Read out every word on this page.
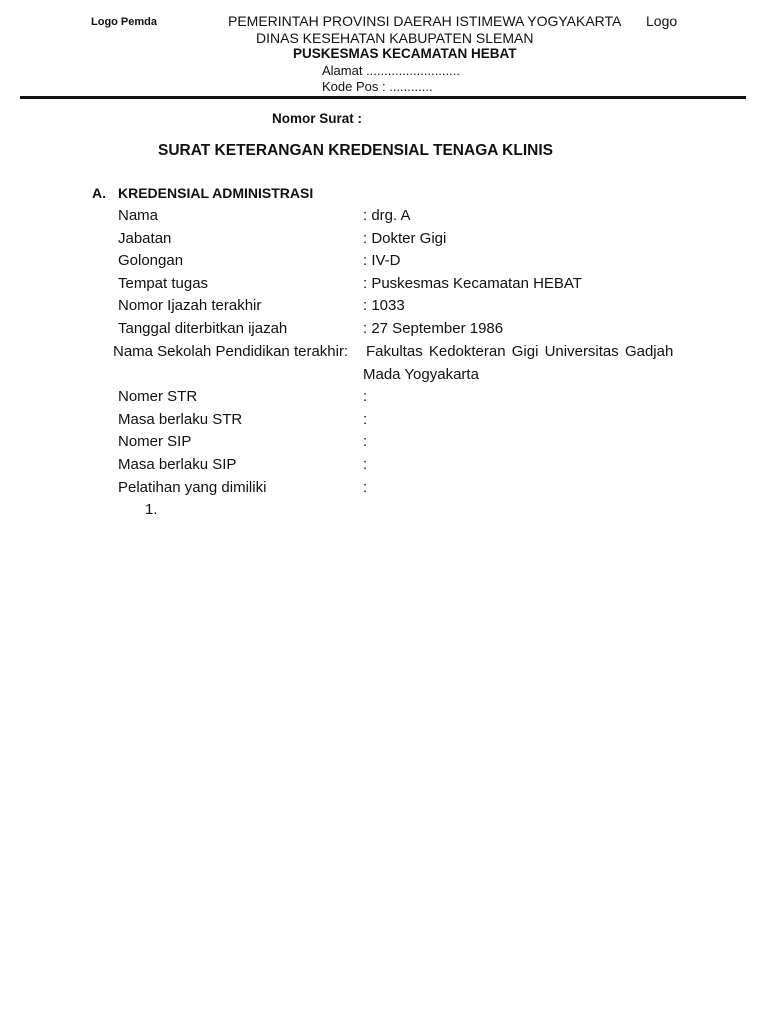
Logo Pemda	Logo
PEMERINTAH PROVINSI DAERAH ISTIMEWA YOGYAKARTA
DINAS KESEHATAN KABUPATEN SLEMAN
PUSKESMAS KECAMATAN HEBAT
Alamat ..........................
Kode Pos : ............
Nomor Surat :
SURAT KETERANGAN KREDENSIAL TENAGA KLINIS
A. KREDENSIAL ADMINISTRASI
Nama	: drg. A
Jabatan	: Dokter Gigi
Golongan	: IV-D
Tempat tugas	: Puskesmas Kecamatan HEBAT
Nomor Ijazah terakhir	: 1033
Tanggal diterbitkan ijazah	: 27 September 1986
Nama Sekolah Pendidikan terakhir: Fakultas Kedokteran Gigi Universitas Gadjah
Mada Yogyakarta
Nomer STR	:
Masa berlaku STR	:
Nomer SIP	:
Masa berlaku SIP	:
Pelatihan yang dimiliki	:
1.
